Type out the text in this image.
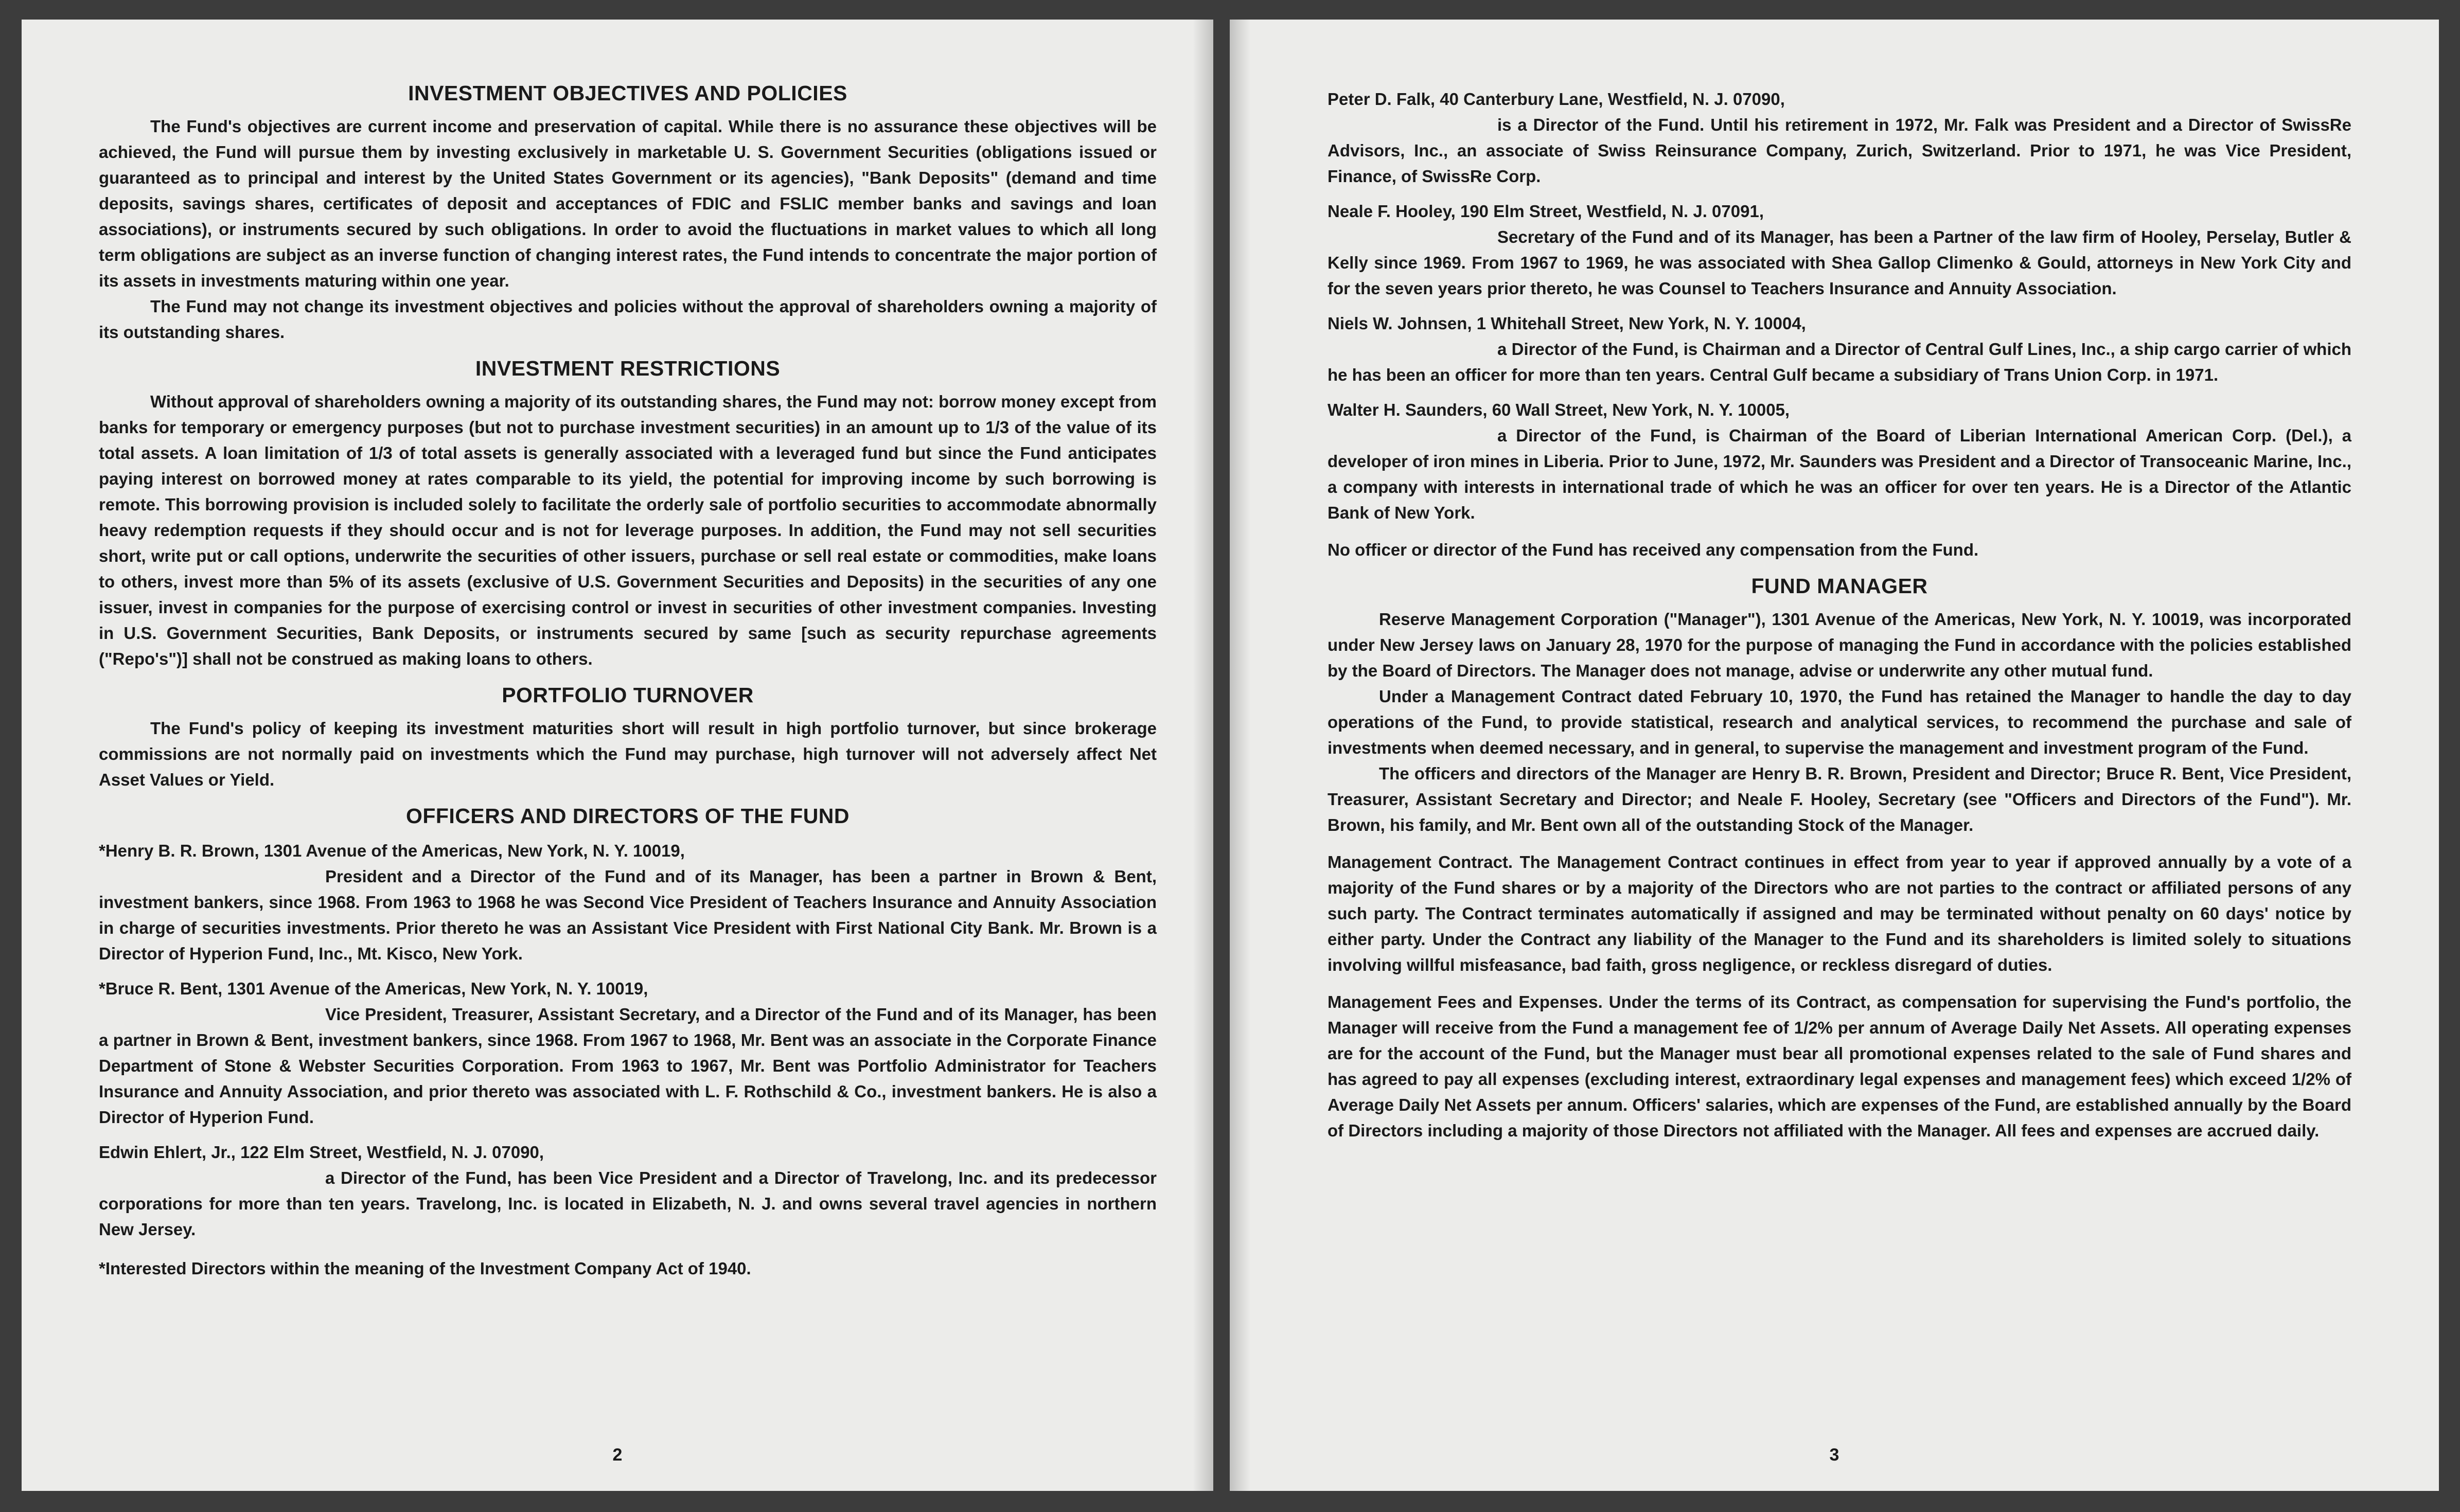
INVESTMENT OBJECTIVES AND POLICIES

The Fund's objectives are current income and preservation of capital. While there is no assurance these objectives will be achieved, the Fund will pursue them by investing exclusively in marketable U. S. Government Securities (obligations issued or guaranteed as to principal and interest by the United States Government or its agencies), "Bank Deposits" (demand and time deposits, savings shares, certificates of deposit and acceptances of FDIC and FSLIC member banks and savings and loan associations), or instruments secured by such obligations. In order to avoid the fluctuations in market values to which all long term obligations are subject as an inverse function of changing interest rates, the Fund intends to concentrate the major portion of its assets in investments maturing within one year.

The Fund may not change its investment objectives and policies without the approval of shareholders owning a majority of its outstanding shares.

INVESTMENT RESTRICTIONS

Without approval of shareholders owning a majority of its outstanding shares, the Fund may not: borrow money except from banks for temporary or emergency purposes (but not to purchase investment securities) in an amount up to 1/3 of the value of its total assets. A loan limitation of 1/3 of total assets is generally associated with a leveraged fund but since the Fund anticipates paying interest on borrowed money at rates comparable to its yield, the potential for improving income by such borrowing is remote. This borrowing provision is included solely to facilitate the orderly sale of portfolio securities to accommodate abnormally heavy redemption requests if they should occur and is not for leverage purposes. In addition, the Fund may not sell securities short, write put or call options, underwrite the securities of other issuers, purchase or sell real estate or commodities, make loans to others, invest more than 5% of its assets (exclusive of U.S. Government Securities and Deposits) in the securities of any one issuer, invest in companies for the purpose of exercising control or invest in securities of other investment companies. Investing in U.S. Government Securities, Bank Deposits, or instruments secured by same [such as security repurchase agreements ("Repo's")] shall not be construed as making loans to others.

PORTFOLIO TURNOVER

The Fund's policy of keeping its investment maturities short will result in high portfolio turnover, but since brokerage commissions are not normally paid on investments which the Fund may purchase, high turnover will not adversely affect Net Asset Values or Yield.

OFFICERS AND DIRECTORS OF THE FUND

*Henry B. R. Brown, 1301 Avenue of the Americas, New York, N. Y. 10019,

President and a Director of the Fund and of its Manager, has been a partner in Brown & Bent, investment bankers, since 1968. From 1963 to 1968 he was Second Vice President of Teachers Insurance and Annuity Association in charge of securities investments. Prior thereto he was an Assistant Vice President with First National City Bank. Mr. Brown is a Director of Hyperion Fund, Inc., Mt. Kisco, New York.

*Bruce R. Bent, 1301 Avenue of the Americas, New York, N. Y. 10019,

Vice President, Treasurer, Assistant Secretary, and a Director of the Fund and of its Manager, has been a partner in Brown & Bent, investment bankers, since 1968. From 1967 to 1968, Mr. Bent was an associate in the Corporate Finance Department of Stone & Webster Securities Corporation. From 1963 to 1967, Mr. Bent was Portfolio Administrator for Teachers Insurance and Annuity Association, and prior thereto was associated with L. F. Rothschild & Co., investment bankers. He is also a Director of Hyperion Fund.

Edwin Ehlert, Jr., 122 Elm Street, Westfield, N. J. 07090,

a Director of the Fund, has been Vice President and a Director of Travelong, Inc. and its predecessor corporations for more than ten years. Travelong, Inc. is located in Elizabeth, N. J. and owns several travel agencies in northern New Jersey.

*Interested Directors within the meaning of the Investment Company Act of 1940.

2

Peter D. Falk, 40 Canterbury Lane, Westfield, N. J. 07090,

is a Director of the Fund. Until his retirement in 1972, Mr. Falk was President and a Director of SwissRe Advisors, Inc., an associate of Swiss Reinsurance Company, Zurich, Switzerland. Prior to 1971, he was Vice President, Finance, of SwissRe Corp.

Neale F. Hooley, 190 Elm Street, Westfield, N. J. 07091,

Secretary of the Fund and of its Manager, has been a Partner of the law firm of Hooley, Perselay, Butler & Kelly since 1969. From 1967 to 1969, he was associated with Shea Gallop Climenko & Gould, attorneys in New York City and for the seven years prior thereto, he was Counsel to Teachers Insurance and Annuity Association.

Niels W. Johnsen, 1 Whitehall Street, New York, N. Y. 10004,

a Director of the Fund, is Chairman and a Director of Central Gulf Lines, Inc., a ship cargo carrier of which he has been an officer for more than ten years. Central Gulf became a subsidiary of Trans Union Corp. in 1971.

Walter H. Saunders, 60 Wall Street, New York, N. Y. 10005,

a Director of the Fund, is Chairman of the Board of Liberian International American Corp. (Del.), a developer of iron mines in Liberia. Prior to June, 1972, Mr. Saunders was President and a Director of Transoceanic Marine, Inc., a company with interests in international trade of which he was an officer for over ten years. He is a Director of the Atlantic Bank of New York.

No officer or director of the Fund has received any compensation from the Fund.

FUND MANAGER

Reserve Management Corporation ("Manager"), 1301 Avenue of the Americas, New York, N. Y. 10019, was incorporated under New Jersey laws on January 28, 1970 for the purpose of managing the Fund in accordance with the policies established by the Board of Directors. The Manager does not manage, advise or underwrite any other mutual fund.

Under a Management Contract dated February 10, 1970, the Fund has retained the Manager to handle the day to day operations of the Fund, to provide statistical, research and analytical services, to recommend the purchase and sale of investments when deemed necessary, and in general, to supervise the management and investment program of the Fund.

The officers and directors of the Manager are Henry B. R. Brown, President and Director; Bruce R. Bent, Vice President, Treasurer, Assistant Secretary and Director; and Neale F. Hooley, Secretary (see "Officers and Directors of the Fund"). Mr. Brown, his family, and Mr. Bent own all of the outstanding Stock of the Manager.

Management Contract. The Management Contract continues in effect from year to year if approved annually by a vote of a majority of the Fund shares or by a majority of the Directors who are not parties to the contract or affiliated persons of any such party. The Contract terminates automatically if assigned and may be terminated without penalty on 60 days' notice by either party. Under the Contract any liability of the Manager to the Fund and its shareholders is limited solely to situations involving willful misfeasance, bad faith, gross negligence, or reckless disregard of duties.

Management Fees and Expenses. Under the terms of its Contract, as compensation for supervising the Fund's portfolio, the Manager will receive from the Fund a management fee of 1/2% per annum of Average Daily Net Assets. All operating expenses are for the account of the Fund, but the Manager must bear all promotional expenses related to the sale of Fund shares and has agreed to pay all expenses (excluding interest, extraordinary legal expenses and management fees) which exceed 1/2% of Average Daily Net Assets per annum. Officers' salaries, which are expenses of the Fund, are established annually by the Board of Directors including a majority of those Directors not affiliated with the Manager. All fees and expenses are accrued daily.

3
